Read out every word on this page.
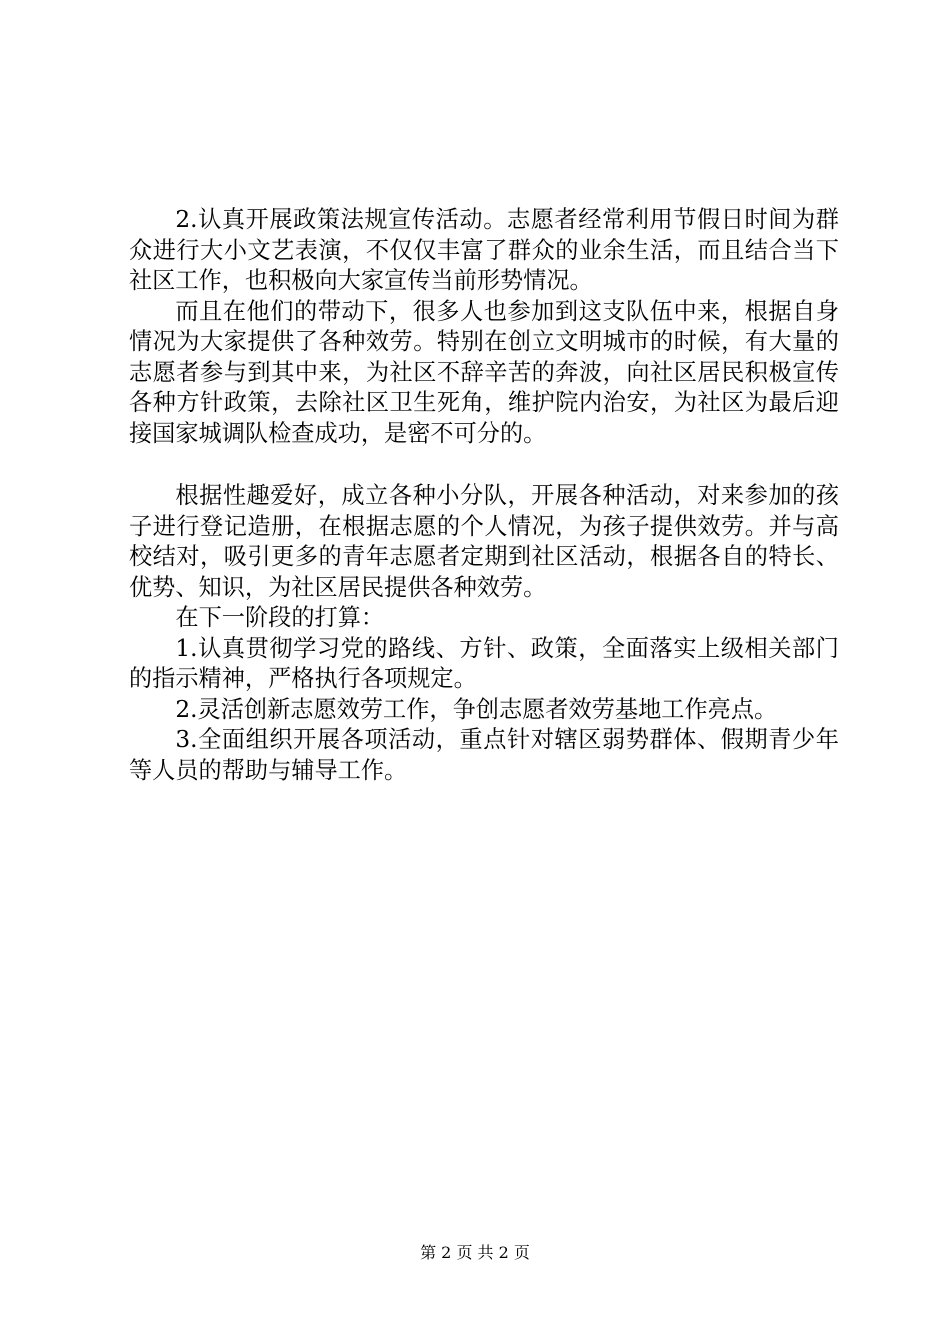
2.认真开展政策法规宣传活动。志愿者经常利用节假日时间为群众进行大小文艺表演，不仅仅丰富了群众的业余生活，而且结合当下社区工作，也积极向大家宣传当前形势情况。

而且在他们的带动下，很多人也参加到这支队伍中来，根据自身情况为大家提供了各种效劳。特别在创立文明城市的时候，有大量的志愿者参与到其中来，为社区不辞辛苦的奔波，向社区居民积极宣传各种方针政策，去除社区卫生死角，维护院内治安，为社区为最后迎接国家城调队检查成功，是密不可分的。

根据性趣爱好，成立各种小分队，开展各种活动，对来参加的孩子进行登记造册，在根据志愿的个人情况，为孩子提供效劳。并与高校结对，吸引更多的青年志愿者定期到社区活动，根据各自的特长、优势、知识，为社区居民提供各种效劳。

在下一阶段的打算：

1.认真贯彻学习党的路线、方针、政策，全面落实上级相关部门的指示精神，严格执行各项规定。

2.灵活创新志愿效劳工作，争创志愿者效劳基地工作亮点。

3.全面组织开展各项活动，重点针对辖区弱势群体、假期青少年等人员的帮助与辅导工作。

第 2 页 共 2 页
